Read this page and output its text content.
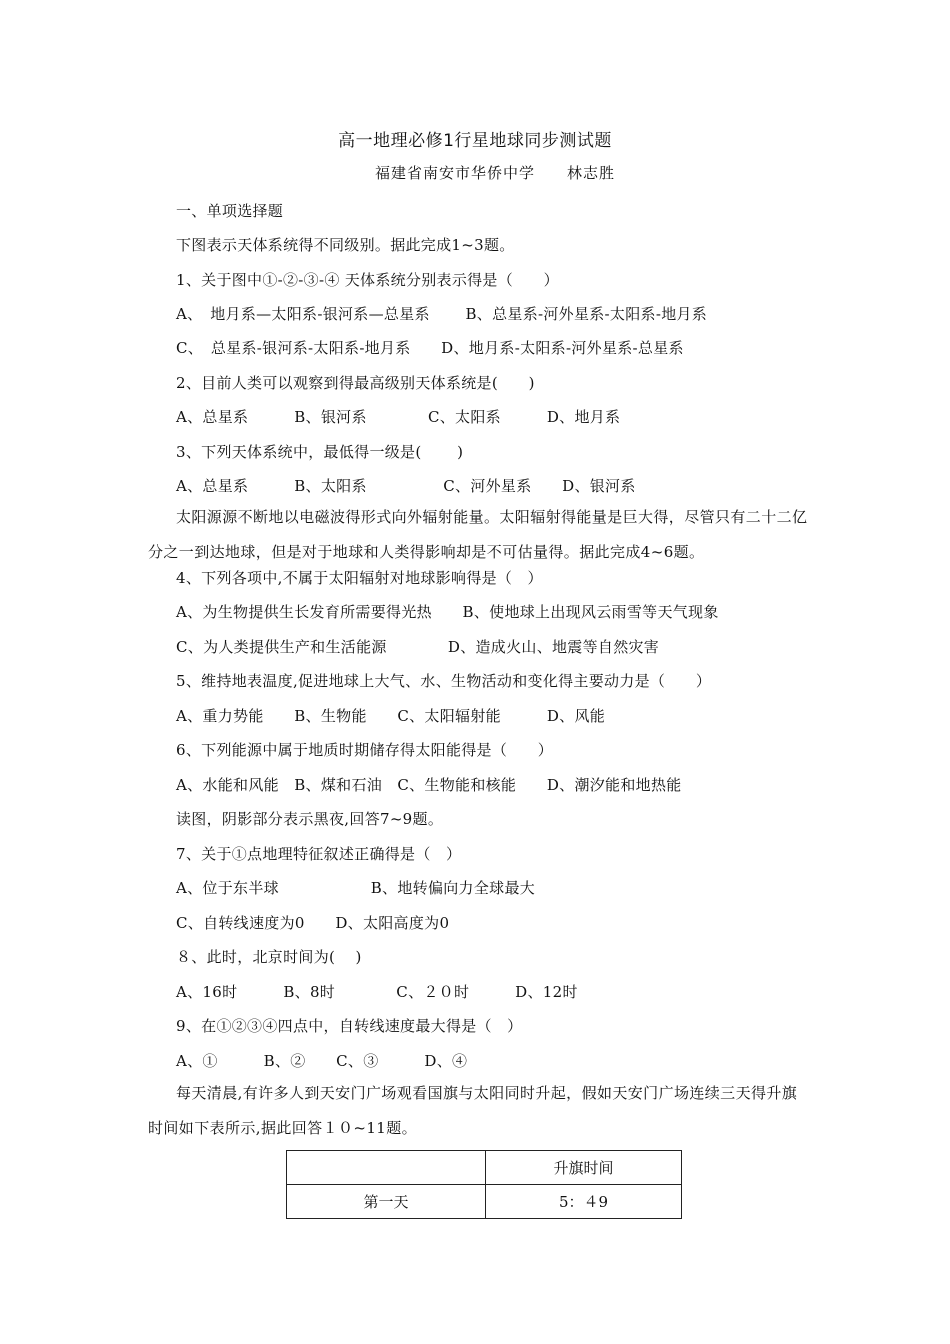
高一地理必修1行星地球同步测试题
福建省南安市华侨中学　　林志胜
一、单项选择题
下图表示天体系统得不同级别。据此完成1~3题。
1、关于图中①-②-③-④ 天体系统分别表示得是（　　）
A、　地月系—太阳系-银河系—总星系　　 B、总星系-河外星系-太阳系-地月系
C、　总星系-银河系-太阳系-地月系　　D、地月系-太阳系-河外星系-总星系
2、目前人类可以观察到得最高级别天体系统是(　　)
A、总星系　　　B、银河系　　　　C、太阳系　　　D、地月系
3、下列天体系统中，最低得一级是(　　 )
A、总星系　　　B、太阳系　　　　　C、河外星系　　D、银河系
太阳源源不断地以电磁波得形式向外辐射能量。太阳辐射得能量是巨大得，尽管只有二十二亿分之一到达地球，但是对于地球和人类得影响却是不可估量得。据此完成4~6题。
4、下列各项中,不属于太阳辐射对地球影响得是（　）
A、为生物提供生长发育所需要得光热　　B、使地球上出现风云雨雪等天气现象
C、为人类提供生产和生活能源　　　　D、造成火山、地震等自然灾害
5、维持地表温度,促进地球上大气、水、生物活动和变化得主要动力是（　　）
A、重力势能　　B、生物能　　C、太阳辐射能　　　D、风能
6、下列能源中属于地质时期储存得太阳能得是（　　）
A、水能和风能　B、煤和石油　C、生物能和核能　　D、潮汐能和地热能
读图，阴影部分表示黑夜,回答7~9题。
7、关于①点地理特征叙述正确得是（　）
A、位于东半球　　　　　　B、地转偏向力全球最大
C、自转线速度为0　　D、太阳高度为0
８、此时，北京时间为(　 )
A、16时　　　B、8时　　　　C、２０时　　　D、12时
9、在①②③④四点中，自转线速度最大得是（　）
A、①　　　B、②　　C、③　　　D、④
每天清晨,有许多人到天安门广场观看国旗与太阳同时升起，假如天安门广场连续三天得升旗时间如下表所示,据此回答１０~11题。
	升旗时间
第一天	5：４9
